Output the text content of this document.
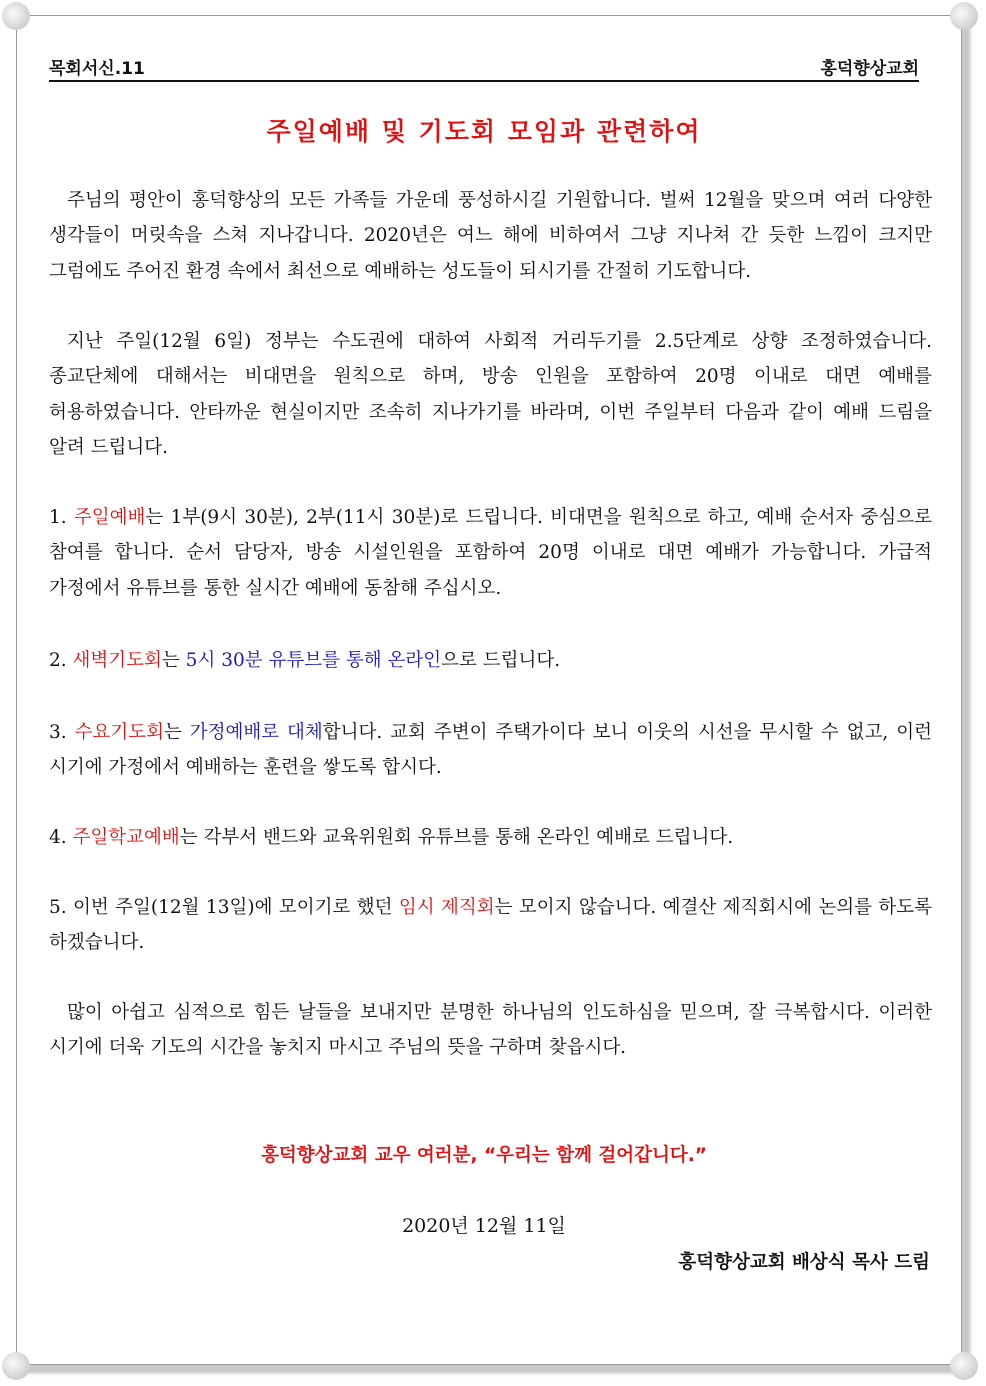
목회서신.11	홍덕향상교회
주일예배 및 기도회 모임과 관련하여
주님의 평안이 홍덕향상의 모든 가족들 가운데 풍성하시길 기원합니다. 벌써 12월을 맞으며 여러 다양한 생각들이 머릿속을 스쳐 지나갑니다. 2020년은 여느 해에 비하여서 그냥 지나쳐 간 듯한 느낌이 크지만 그럼에도 주어진 환경 속에서 최선으로 예배하는 성도들이 되시기를 간절히 기도합니다.
지난 주일(12월 6일) 정부는 수도권에 대하여 사회적 거리두기를 2.5단계로 상향 조정하였습니다. 종교단체에 대해서는 비대면을 원칙으로 하며, 방송 인원을 포함하여 20명 이내로 대면 예배를 허용하였습니다. 안타까운 현실이지만 조속히 지나가기를 바라며, 이번 주일부터 다음과 같이 예배 드림을 알려 드립니다.
1. 주일예배는 1부(9시 30분), 2부(11시 30분)로 드립니다. 비대면을 원칙으로 하고, 예배 순서자 중심으로 참여를 합니다. 순서 담당자, 방송 시설인원을 포함하여 20명 이내로 대면 예배가 가능합니다. 가급적 가정에서 유튜브를 통한 실시간 예배에 동참해 주십시오.
2. 새벽기도회는 5시 30분 유튜브를 통해 온라인으로 드립니다.
3. 수요기도회는 가정예배로 대체합니다. 교회 주변이 주택가이다 보니 이웃의 시선을 무시할 수 없고, 이런 시기에 가정에서 예배하는 훈련을 쌓도록 합시다.
4. 주일학교예배는 각부서 밴드와 교육위원회 유튜브를 통해 온라인 예배로 드립니다.
5. 이번 주일(12월 13일)에 모이기로 했던 임시 제직회는 모이지 않습니다. 예결산 제직회시에 논의를 하도록 하겠습니다.
많이 아쉽고 심적으로 힘든 날들을 보내지만 분명한 하나님의 인도하심을 믿으며, 잘 극복합시다. 이러한 시기에 더욱 기도의 시간을 놓치지 마시고 주님의 뜻을 구하며 찾읍시다.
홍덕향상교회 교우 여러분, “우리는 함께 걸어갑니다.”
2020년 12월 11일
홍덕향상교회 배상식 목사 드림
